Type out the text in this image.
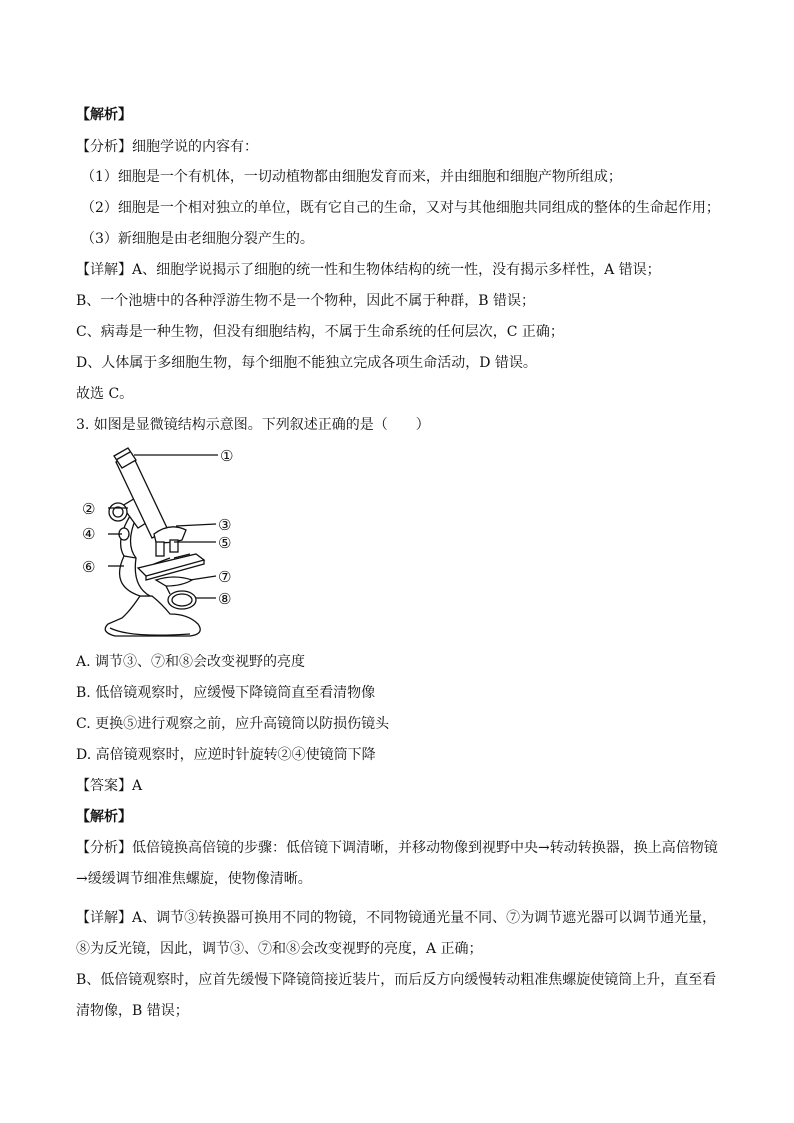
【解析】
【分析】细胞学说的内容有：
（1）细胞是一个有机体，一切动植物都由细胞发育而来，并由细胞和细胞产物所组成；
（2）细胞是一个相对独立的单位，既有它自己的生命，又对与其他细胞共同组成的整体的生命起作用；
（3）新细胞是由老细胞分裂产生的。
【详解】A、细胞学说揭示了细胞的统一性和生物体结构的统一性，没有揭示多样性，A 错误；
B、一个池塘中的各种浮游生物不是一个物种，因此不属于种群，B 错误；
C、病毒是一种生物，但没有细胞结构，不属于生命系统的任何层次，C 正确；
D、人体属于多细胞生物，每个细胞不能独立完成各项生命活动，D 错误。
故选 C。
3. 如图是显微镜结构示意图。下列叙述正确的是（　　）
①
②
③
④	⑤
⑥
⑦
⑧
A. 调节③、⑦和⑧会改变视野的亮度
B. 低倍镜观察时，应缓慢下降镜筒直至看清物像
C. 更换⑤进行观察之前，应升高镜筒以防损伤镜头
D. 高倍镜观察时，应逆时针旋转②④使镜筒下降
【答案】A
【解析】
【分析】低倍镜换高倍镜的步骤：低倍镜下调清晰，并移动物像到视野中央→转动转换器，换上高倍物镜
→缓缓调节细准焦螺旋，使物像清晰。
【详解】A、调节③转换器可换用不同的物镜，不同物镜通光量不同、⑦为调节遮光器可以调节通光量，
⑧为反光镜，因此，调节③、⑦和⑧会改变视野的亮度，A 正确；
B、低倍镜观察时，应首先缓慢下降镜筒接近装片，而后反方向缓慢转动粗准焦螺旋使镜筒上升，直至看
清物像，B 错误；
